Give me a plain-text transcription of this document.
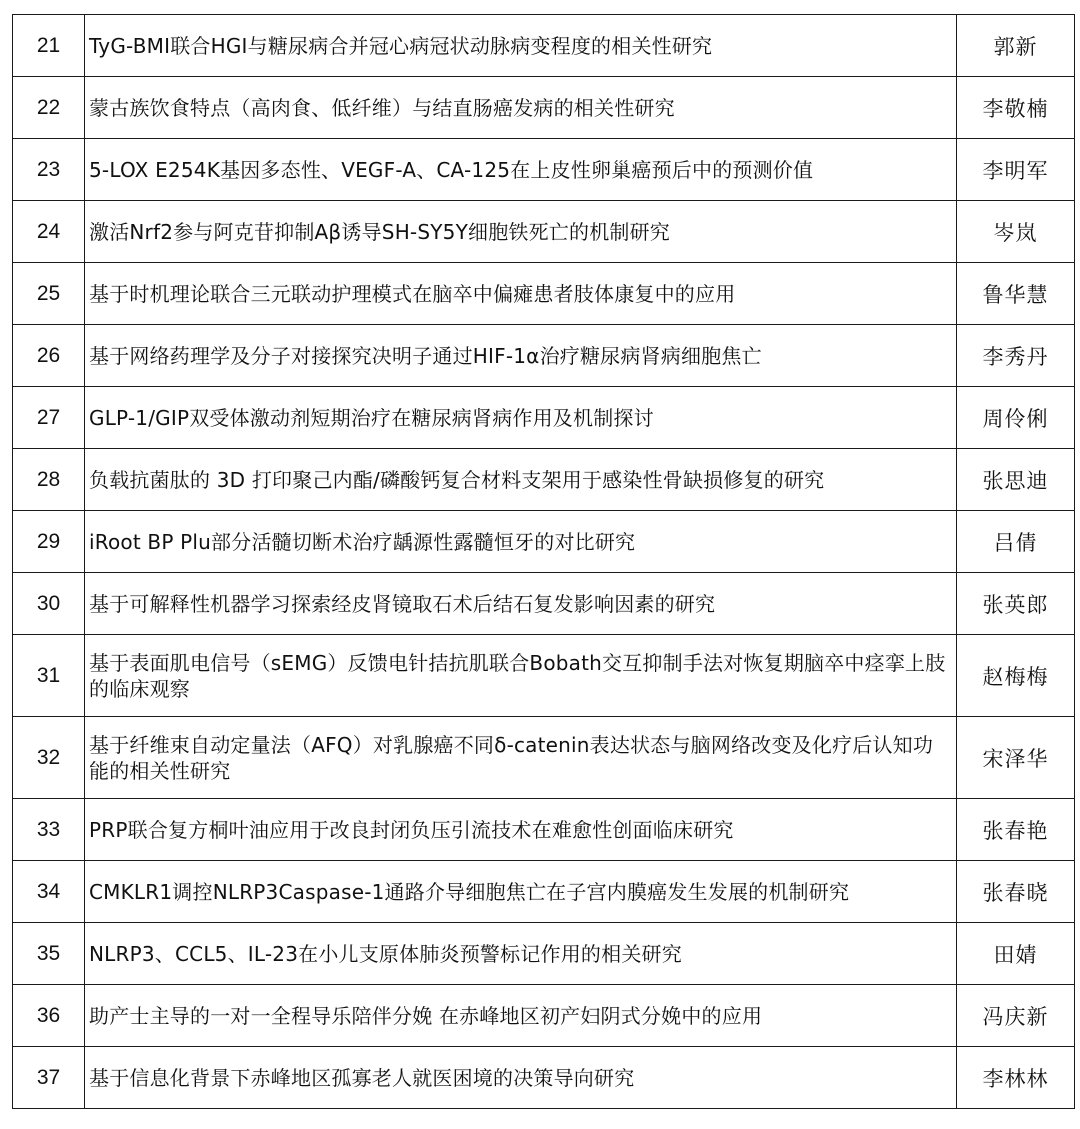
21	TyG-BMI联合HGI与糖尿病合并冠心病冠状动脉病变程度的相关性研究	郭新
22	蒙古族饮食特点（高肉食、低纤维）与结直肠癌发病的相关性研究	李敬楠
23	5-LOX E254K基因多态性、VEGF-A、CA-125在上皮性卵巢癌预后中的预测价值	李明军
24	激活Nrf2参与阿克苷抑制Aβ诱导SH-SY5Y细胞铁死亡的机制研究	岑岚
25	基于时机理论联合三元联动护理模式在脑卒中偏瘫患者肢体康复中的应用	鲁华慧
26	基于网络药理学及分子对接探究决明子通过HIF-1α治疗糖尿病肾病细胞焦亡	李秀丹
27	GLP-1/GIP双受体激动剂短期治疗在糖尿病肾病作用及机制探讨	周伶俐
28	负载抗菌肽的 3D 打印聚己内酯/磷酸钙复合材料支架用于感染性骨缺损修复的研究	张思迪
29	iRoot BP Plu部分活髓切断术治疗龋源性露髓恒牙的对比研究	吕倩
30	基于可解释性机器学习探索经皮肾镜取石术后结石复发影响因素的研究	张英郎
31	基于表面肌电信号（sEMG）反馈电针拮抗肌联合Bobath交互抑制手法对恢复期脑卒中痉挛上肢的临床观察	赵梅梅
32	基于纤维束自动定量法（AFQ）对乳腺癌不同δ-catenin表达状态与脑网络改变及化疗后认知功能的相关性研究	宋泽华
33	PRP联合复方桐叶油应用于改良封闭负压引流技术在难愈性创面临床研究	张春艳
34	CMKLR1调控NLRP3Caspase-1通路介导细胞焦亡在子宫内膜癌发生发展的机制研究	张春晓
35	NLRP3、CCL5、IL-23在小儿支原体肺炎预警标记作用的相关研究	田婧
36	助产士主导的一对一全程导乐陪伴分娩 在赤峰地区初产妇阴式分娩中的应用	冯庆新
37	基于信息化背景下赤峰地区孤寡老人就医困境的决策导向研究	李林林
